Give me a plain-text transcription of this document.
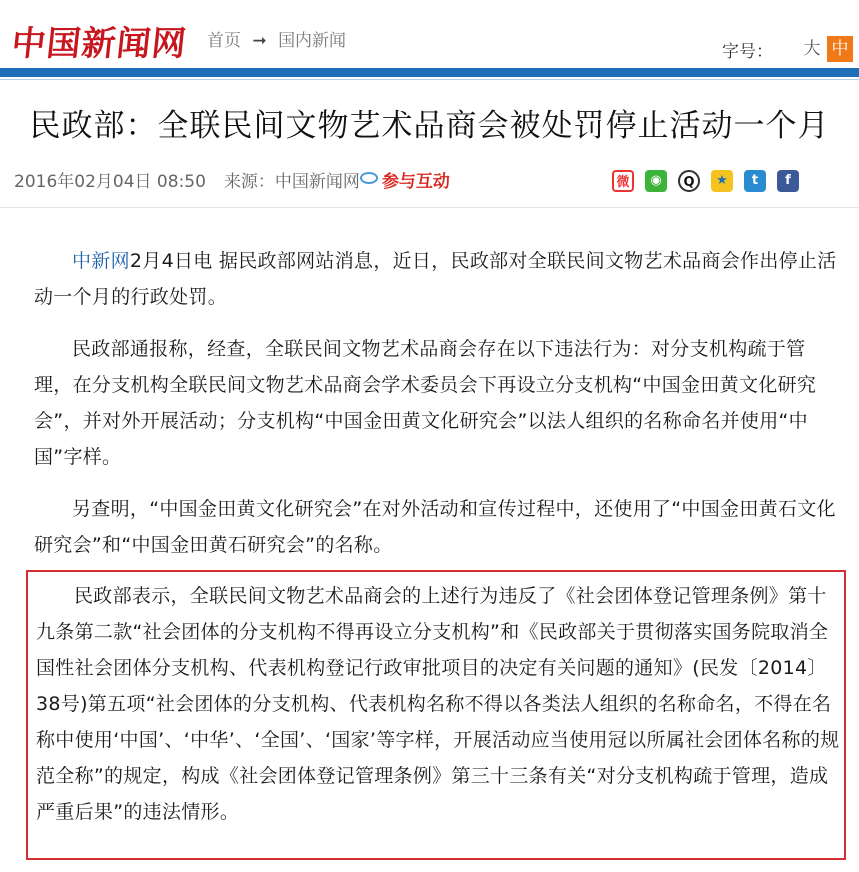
中国新闻网 首页 ➞ 国内新闻
字号： 大 中
民政部：全联民间文物艺术品商会被处罚停止活动一个月
2016年02月04日 08:50 来源：中国新闻网 参与互动	微	◉	Q	★	t	f

中新网2月4日电 据民政部网站消息，近日，民政部对全联民间文物艺术品商会作出停止活动一个月的行政处罚。

民政部通报称，经查，全联民间文物艺术品商会存在以下违法行为：对分支机构疏于管理，在分支机构全联民间文物艺术品商会学术委员会下再设立分支机构“中国金田黄文化研究会”，并对外开展活动；分支机构“中国金田黄文化研究会”以法人组织的名称命名并使用“中国”字样。

另查明，“中国金田黄文化研究会”在对外活动和宣传过程中，还使用了“中国金田黄石文化研究会”和“中国金田黄石研究会”的名称。

民政部表示，全联民间文物艺术品商会的上述行为违反了《社会团体登记管理条例》第十九条第二款“社会团体的分支机构不得再设立分支机构”和《民政部关于贯彻落实国务院取消全国性社会团体分支机构、代表机构登记行政审批项目的决定有关问题的通知》(民发〔2014〕38号)第五项“社会团体的分支机构、代表机构名称不得以各类法人组织的名称命名，不得在名称中使用‘中国’、‘中华’、‘全国’、‘国家’等字样，开展活动应当使用冠以所属社会团体名称的规范全称”的规定，构成《社会团体登记管理条例》第三十三条有关“对分支机构疏于管理，造成严重后果”的违法情形。
